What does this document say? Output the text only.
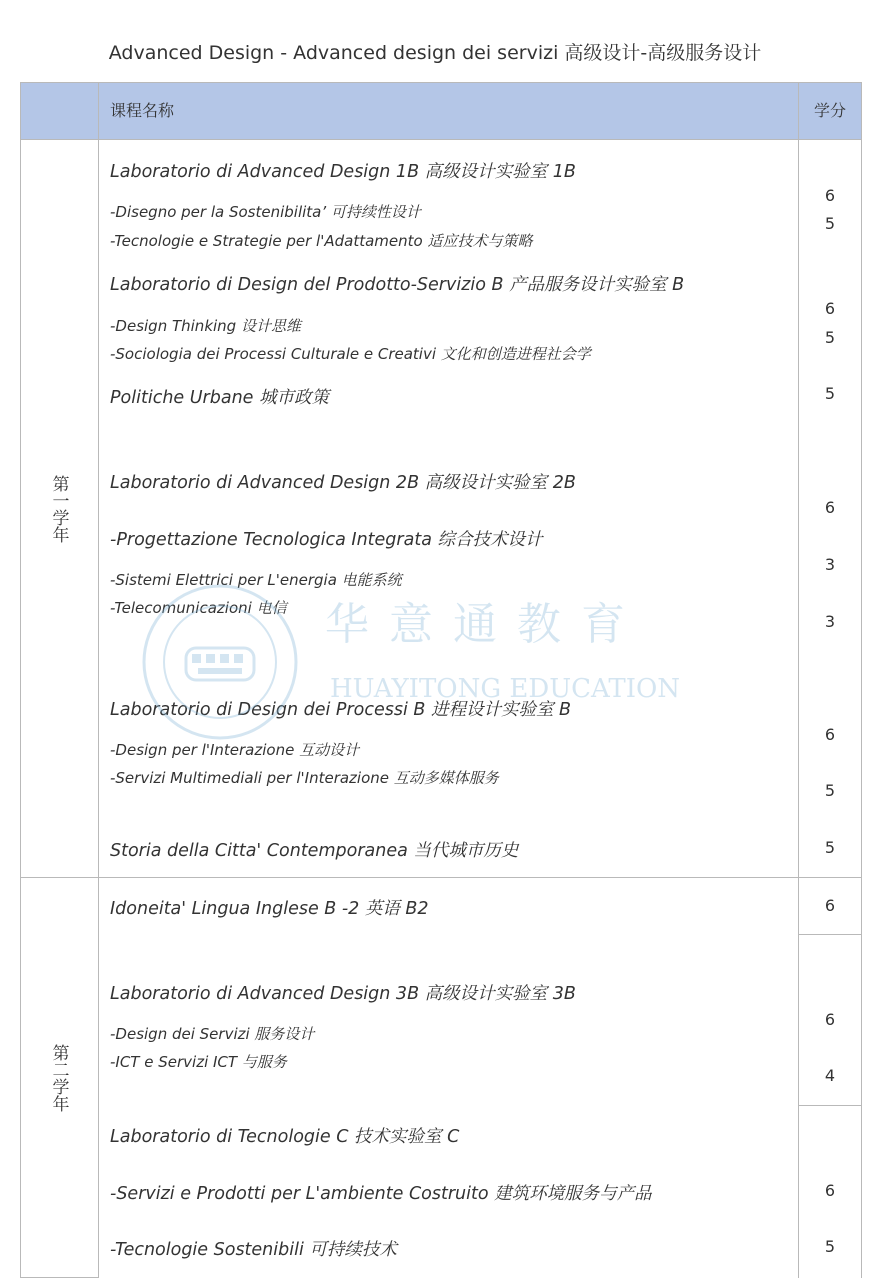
Advanced Design - Advanced design dei servizi 高级设计-高级服务设计
课程名称	学分
第一学年
第二学年
Laboratorio di Advanced Design 1B 高级设计实验室 1B
-Disegno per la Sostenibilita’ 可持续性设计
-Tecnologie e Strategie per l'Adattamento 适应技术与策略
Laboratorio di Design del Prodotto-Servizio B 产品服务设计实验室 B
-Design Thinking 设计思维
-Sociologia dei Processi Culturale e Creativi 文化和创造进程社会学
Politiche Urbane 城市政策
Laboratorio di Advanced Design 2B 高级设计实验室 2B
-Progettazione Tecnologica Integrata 综合技术设计
-Sistemi Elettrici per L'energia 电能系统
-Telecomunicazioni 电信
Laboratorio di Design dei Processi B 进程设计实验室 B
-Design per l'Interazione 互动设计
-Servizi Multimediali per l'Interazione 互动多媒体服务
Storia della Citta' Contemporanea 当代城市历史
Idoneita' Lingua Inglese B -2 英语 B2
Laboratorio di Advanced Design 3B 高级设计实验室 3B
-Design dei Servizi 服务设计
-ICT e Servizi ICT 与服务
Laboratorio di Tecnologie C 技术实验室 C
-Servizi e Prodotti per L'ambiente Costruito 建筑环境服务与产品
-Tecnologie Sostenibili 可持续技术
6
5
6
5
5
6
3
3
6
5
5
6
6
4
6
5
华意通教育
HUAYITONG EDUCATION
